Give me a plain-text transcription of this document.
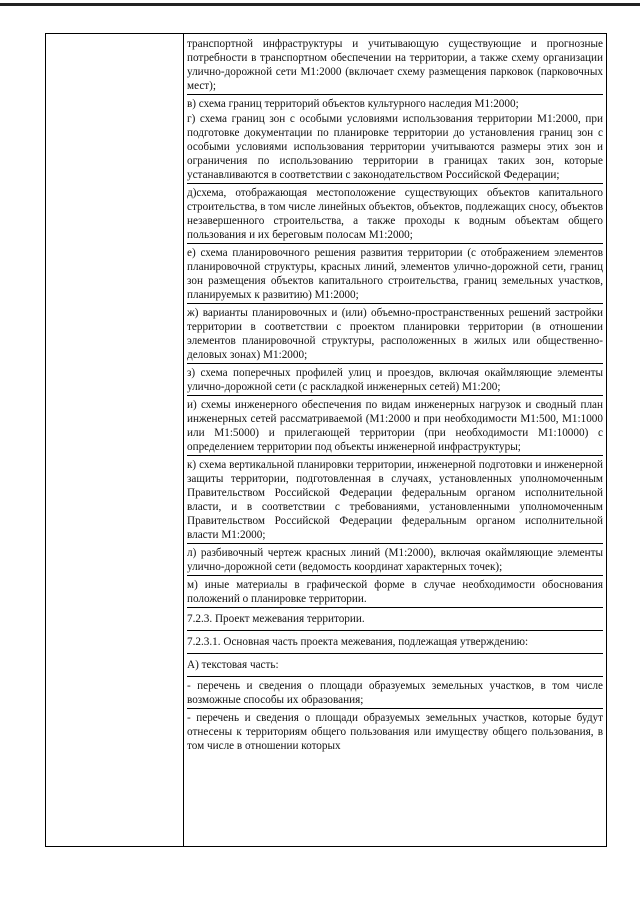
транспортной инфраструктуры и учитывающую существующие и прогнозные потребности в транспортном обеспечении на территории, а также схему организации улично-дорожной сети М1:2000 (включает схему размещения парковок (парковочных мест);

в) схема границ территорий объектов культурного наследия М1:2000;

г) схема границ зон с особыми условиями использования территории М1:2000, при подготовке документации по планировке территории до установления границ зон с особыми условиями использования территории учитываются размеры этих зон и ограничения по использованию территории в границах таких зон, которые устанавливаются в соответствии с законодательством Российской Федерации;

д)схема, отображающая местоположение существующих объектов капитального строительства, в том числе линейных объектов, объектов, подлежащих сносу, объектов незавершенного строительства, а также проходы к водным объектам общего пользования и их береговым полосам М1:2000;

е) схема планировочного решения развития территории (с отображением элементов планировочной структуры, красных линий, элементов улично-дорожной сети, границ зон размещения объектов капитального строительства, границ земельных участков, планируемых к развитию) М1:2000;

ж) варианты планировочных и (или) объемно-пространственных решений застройки территории в соответствии с проектом планировки территории (в отношении элементов планировочной структуры, расположенных в жилых или общественно-деловых зонах) М1:2000;

з) схема поперечных профилей улиц и проездов, включая окаймляющие элементы улично-дорожной сети (с раскладкой инженерных сетей) М1:200;

и) схемы инженерного обеспечения по видам инженерных нагрузок и сводный план инженерных сетей рассматриваемой (М1:2000 и при необходимости М1:500, М1:1000 или М1:5000) и прилегающей территории (при необходимости М1:10000) с определением территории под объекты инженерной инфраструктуры;

к) схема вертикальной планировки территории, инженерной подготовки и инженерной защиты территории, подготовленная в случаях, установленных уполномоченным Правительством Российской Федерации федеральным органом исполнительной власти, и в соответствии с требованиями, установленными уполномоченным Правительством Российской Федерации федеральным органом исполнительной власти М1:2000;

л) разбивочный чертеж красных линий (М1:2000), включая окаймляющие элементы улично-дорожной сети (ведомость координат характерных точек);

м) иные материалы в графической форме в случае необходимости обоснования положений о планировке территории.

7.2.3. Проект межевания территории.

7.2.3.1. Основная часть проекта межевания, подлежащая утверждению:

А) текстовая часть:

- перечень и сведения о площади образуемых земельных участков, в том числе возможные способы их образования;

- перечень и сведения о площади образуемых земельных участков, которые будут отнесены к территориям общего пользования или имуществу общего пользования, в том числе в отношении которых
